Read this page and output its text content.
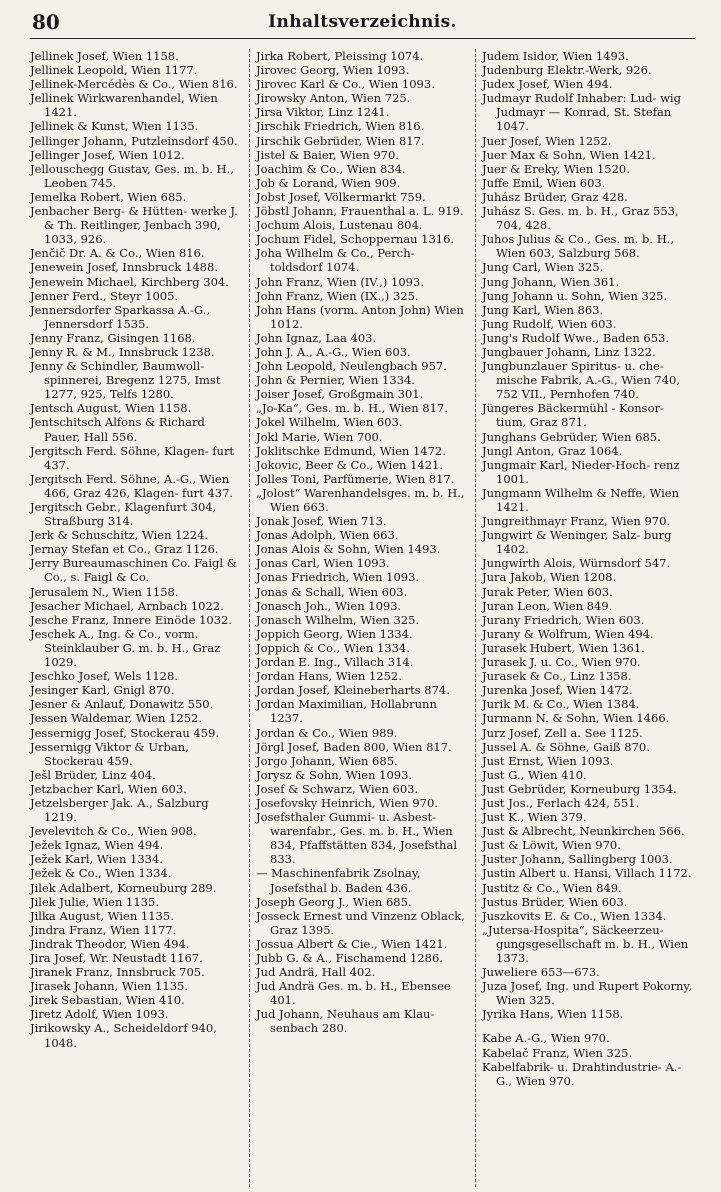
80	Inhaltsverzeichnis.
Jellinek Josef, Wien 1158.
Jellinek Leopold, Wien 1177.
Jellinek-Mercédès & Co., Wien 816.
Jellinek Wirkwarenhandel, Wien 1421.
Jellinek & Kunst, Wien 1135.
Jellinger Johann, Putzleinsdorf 450.
Jellinger Josef, Wien 1012.
Jellouschegg Gustav, Ges. m. b. H., Leoben 745.
Jemelka Robert, Wien 685.
Jenbacher Berg- & Hütten- werke J. & Th. Reitlinger, Jenbach 390, 1033, 926.
Jenčič Dr. A. & Co., Wien 816.
Jenewein Josef, Innsbruck 1488.
Jenewein Michael, Kirchberg 304.
Jenner Ferd., Steyr 1005.
Jennersdorfer Sparkassa A.-G., Jennersdorf 1535.
Jenny Franz, Gisingen 1168.
Jenny R. & M., Innsbruck 1238.
Jenny & Schindler, Baumwoll- spinnerei, Bregenz 1275, Imst 1277, 925, Telfs 1280.
Jentsch August, Wien 1158.
Jentschitsch Alfons & Richard Pauer, Hall 556.
Jergitsch Ferd. Söhne, Klagen- furt 437.
Jergitsch Ferd. Söhne, A.-G., Wien 466, Graz 426, Klagen- furt 437.
Jergitsch Gebr., Klagenfurt 304, Straßburg 314.
Jerk & Schuschitz, Wien 1224.
Jernay Stefan et Co., Graz 1126.
Jerry Bureaumaschinen Co. Faigl & Co., s. Faigl & Co.
Jerusalem N., Wien 1158.
Jesacher Michael, Arnbach 1022.
Jesche Franz, Innere Einöde 1032.
Jeschek A., Ing. & Co., vorm. Steinklauber G. m. b. H., Graz 1029.
Jeschko Josef, Wels 1128.
Jesinger Karl, Gnigl 870.
Jesner & Anlauf, Donawitz 550.
Jessen Waldemar, Wien 1252.
Jessernigg Josef, Stockerau 459.
Jessernigg Viktor & Urban, Stockerau 459.
Ješl Brüder, Linz 404.
Jetzbacher Karl, Wien 603.
Jetzelsberger Jak. A., Salzburg 1219.
Jevelevitch & Co., Wien 908.
Ježek Ignaz, Wien 494.
Ježek Karl, Wien 1334.
Ježek & Co., Wien 1334.
Jilek Adalbert, Korneuburg 289.
Jilek Julie, Wien 1135.
Jilka August, Wien 1135.
Jindra Franz, Wien 1177.
Jindrak Theodor, Wien 494.
Jira Josef, Wr. Neustadt 1167.
Jiranek Franz, Innsbruck 705.
Jirasek Johann, Wien 1135.
Jirek Sebastian, Wien 410.
Jiretz Adolf, Wien 1093.
Jirikowsky A., Scheideldorf 940, 1048.
Jirka Robert, Pleissing 1074.
Jirovec Georg, Wien 1093.
Jirovec Karl & Co., Wien 1093.
Jirowsky Anton, Wien 725.
Jirsa Viktor, Linz 1241.
Jirschik Friedrich, Wien 816.
Jirschik Gebrüder, Wien 817.
Jistel & Baier, Wien 970.
Joachim & Co., Wien 834.
Job & Lorand, Wien 909.
Jobst Josef, Völkermarkt 759.
Jöbstl Johann, Frauenthal a. L. 919.
Jochum Alois, Lustenau 804.
Jochum Fidel, Schoppernau 1316.
Joha Wilhelm & Co., Perch- toldsdorf 1074.
John Franz, Wien (IV.,) 1093.
John Franz, Wien (IX.,) 325.
John Hans (vorm. Anton John) Wien 1012.
John Ignaz, Laa 403.
John J. A., A.-G., Wien 603.
John Leopold, Neulengbach 957.
John & Pernier, Wien 1334.
Joiser Josef, Großgmain 301.
„Jo-Ka“, Ges. m. b. H., Wien 817.
Jokel Wilhelm, Wien 603.
Jokl Marie, Wien 700.
Joklitschke Edmund, Wien 1472.
Jokovic, Beer & Co., Wien 1421.
Jolles Toni, Parfümerie, Wien 817.
„Jolost“ Warenhandelsges. m. b. H., Wien 663.
Jonak Josef, Wien 713.
Jonas Adolph, Wien 663.
Jonas Alois & Sohn, Wien 1493.
Jonas Carl, Wien 1093.
Jonas Friedrich, Wien 1093.
Jonas & Schall, Wien 603.
Jonasch Joh., Wien 1093.
Jonasch Wilhelm, Wien 325.
Joppich Georg, Wien 1334.
Joppich & Co., Wien 1334.
Jordan E. Ing., Villach 314.
Jordan Hans, Wien 1252.
Jordan Josef, Kleineberharts 874.
Jordan Maximilian, Hollabrunn 1237.
Jordan & Co., Wien 989.
Jörgl Josef, Baden 800, Wien 817.
Jorgo Johann, Wien 685.
Jorysz & Sohn, Wien 1093.
Josef & Schwarz, Wien 603.
Josefovsky Heinrich, Wien 970.
Josefsthaler Gummi- u. Asbest- warenfabr., Ges. m. b. H., Wien 834, Pfaffstätten 834, Josefsthal 833.
— Maschinenfabrik Zsolnay, Josefsthal b. Baden 436.
Joseph Georg J., Wien 685.
Josseck Ernest und Vinzenz Oblack, Graz 1395.
Jossua Albert & Cie., Wien 1421.
Jubb G. & A., Fischamend 1286.
Jud Andrä, Hall 402.
Jud Andrä Ges. m. b. H., Ebensee 401.
Jud Johann, Neuhaus am Klau- senbach 280.
Judem Isidor, Wien 1493.
Judenburg Elektr.-Werk, 926.
Judex Josef, Wien 494.
Judmayr Rudolf Inhaber: Lud- wig Judmayr — Konrad, St. Stefan 1047.
Juer Josef, Wien 1252.
Juer Max & Sohn, Wien 1421.
Juer & Ereky, Wien 1520.
Juffe Emil, Wien 603.
Juhász Brüder, Graz 428.
Juhász S. Ges. m. b. H., Graz 553, 704, 428.
Juhos Julius & Co., Ges. m. b. H., Wien 603, Salzburg 568.
Jung Carl, Wien 325.
Jung Johann, Wien 361.
Jung Johann u. Sohn, Wien 325.
Jung Karl, Wien 863.
Jung Rudolf, Wien 603.
Jung's Rudolf Wwe., Baden 653.
Jungbauer Johann, Linz 1322.
Jungbunzlauer Spiritus- u. che- mische Fabrik, A.-G., Wien 740, 752 VII., Pernhofen 740.
Jüngeres Bäckermühl - Konsor- tium, Graz 871.
Junghans Gebrüder, Wien 685.
Jungl Anton, Graz 1064.
Jungmair Karl, Nieder-Hoch- renz 1001.
Jungmann Wilhelm & Neffe, Wien 1421.
Jungreithmayr Franz, Wien 970.
Jungwirt & Weninger, Salz- burg 1402.
Jungwirth Alois, Würnsdorf 547.
Jura Jakob, Wien 1208.
Jurak Peter, Wien 603.
Juran Leon, Wien 849.
Jurany Friedrich, Wien 603.
Jurany & Wolfrum, Wien 494.
Jurasek Hubert, Wien 1361.
Jurasek J. u. Co., Wien 970.
Jurasek & Co., Linz 1358.
Jurenka Josef, Wien 1472.
Jurik M. & Co., Wien 1384.
Jurmann N. & Sohn, Wien 1466.
Jurz Josef, Zell a. See 1125.
Jussel A. & Söhne, Gaiß 870.
Just Ernst, Wien 1093.
Just G., Wien 410.
Just Gebrüder, Korneuburg 1354.
Just Jos., Ferlach 424, 551.
Just K., Wien 379.
Just & Albrecht, Neunkirchen 566.
Just & Löwit, Wien 970.
Juster Johann, Sallingberg 1003.
Justin Albert u. Hansi, Villach 1172.
Justitz & Co., Wien 849.
Justus Brüder, Wien 603.
Juszkovits E. & Co., Wien 1334.
„Jutersa-Hospita“, Säckeerzeu- gungsgesellschaft m. b. H., Wien 1373.
Juweliere 653—673.
Juza Josef, Ing. und Rupert Pokorny, Wien 325.
Jyrika Hans, Wien 1158.
Kabe A.-G., Wien 970.
Kabelač Franz, Wien 325.
Kabelfabrik- u. Drahtindustrie- A.-G., Wien 970.
